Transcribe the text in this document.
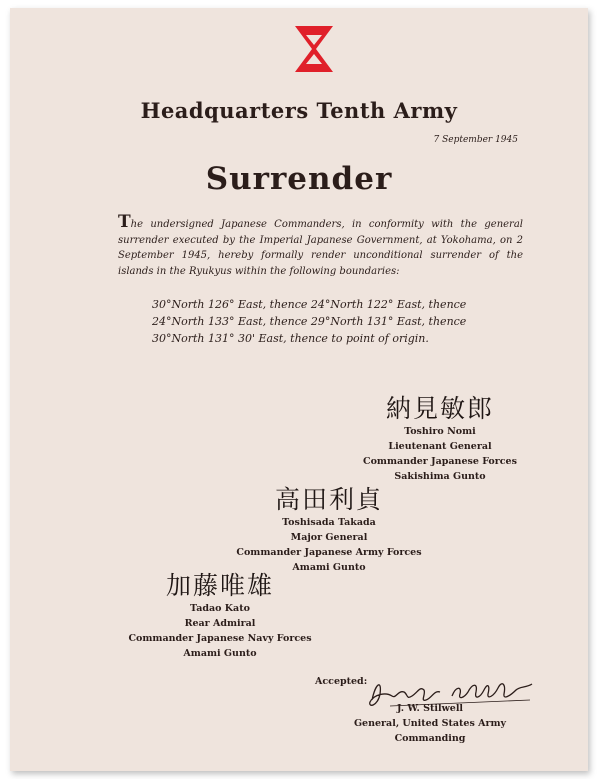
Headquarters Tenth Army
7 September 1945
Surrender
The undersigned Japanese Commanders, in conformity with the general surrender executed by the Imperial Japanese Government, at Yokohama, on 2 September 1945, hereby formally render unconditional surrender of the islands in the Ryukyus within the following boundaries:
30°North 126° East, thence 24°North 122° East, thence
24°North 133° East, thence 29°North 131° East, thence
30°North 131° 30' East, thence to point of origin.
納見敏郎
Toshiro Nomi
Lieutenant General
Commander Japanese Forces
Sakishima Gunto
高田利貞
Toshisada Takada
Major General
Commander Japanese Army Forces
Amami Gunto
加藤唯雄
Tadao Kato
Rear Admiral
Commander Japanese Navy Forces
Amami Gunto
Accepted:
J. W. Stilwell
General, United States Army
Commanding
